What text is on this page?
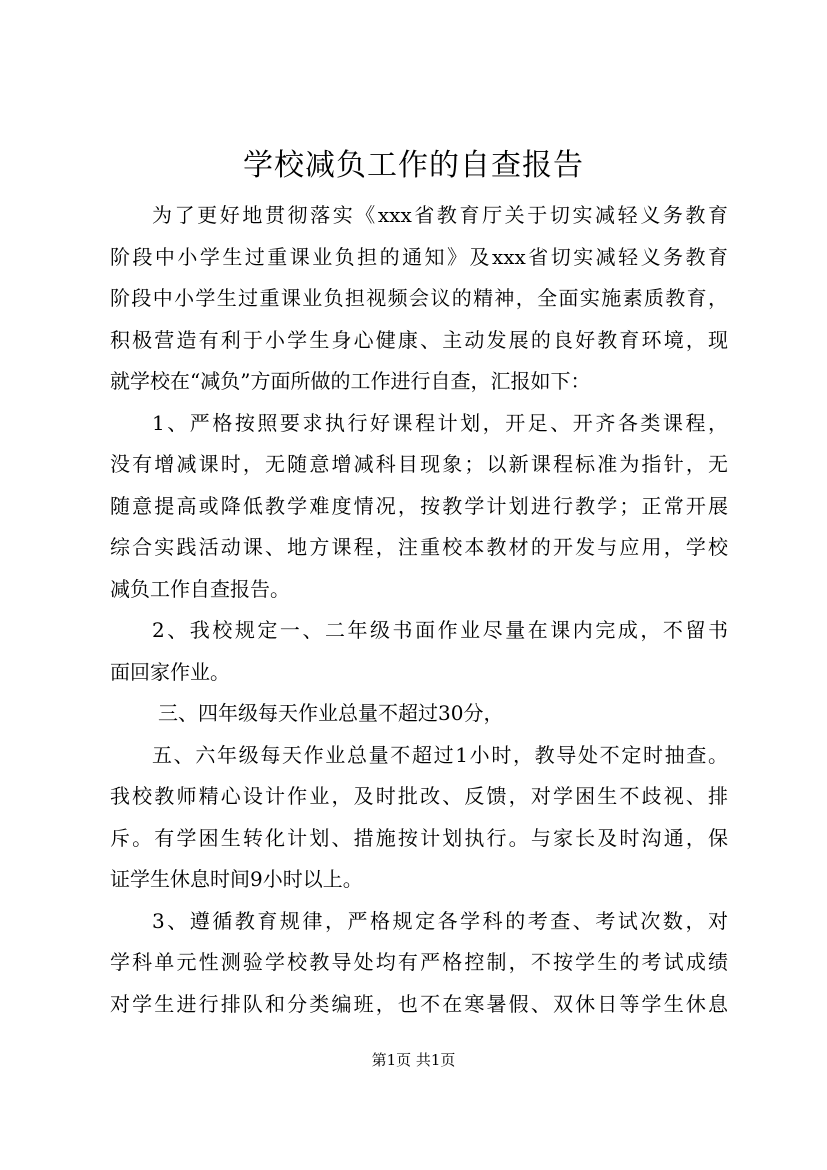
学校减负工作的自查报告
为了更好地贯彻落实《xxx省教育厅关于切实减轻义务教育
阶段中小学生过重课业负担的通知》及xxx省切实减轻义务教育
阶段中小学生过重课业负担视频会议的精神，全面实施素质教育，
积极营造有利于小学生身心健康、主动发展的良好教育环境，现
就学校在“减负”方面所做的工作进行自查，汇报如下：
1、严格按照要求执行好课程计划，开足、开齐各类课程，
没有增减课时，无随意增减科目现象；以新课程标准为指针，无
随意提高或降低教学难度情况，按教学计划进行教学；正常开展
综合实践活动课、地方课程，注重校本教材的开发与应用，学校
减负工作自查报告。
2、我校规定一、二年级书面作业尽量在课内完成，不留书
面回家作业。
三、四年级每天作业总量不超过30分，
五、六年级每天作业总量不超过1小时，教导处不定时抽查。
我校教师精心设计作业，及时批改、反馈，对学困生不歧视、排
斥。有学困生转化计划、措施按计划执行。与家长及时沟通，保
证学生休息时间9小时以上。
3、遵循教育规律，严格规定各学科的考查、考试次数，对
学科单元性测验学校教导处均有严格控制，不按学生的考试成绩
对学生进行排队和分类编班，也不在寒暑假、双休日等学生休息
第1页 共1页
